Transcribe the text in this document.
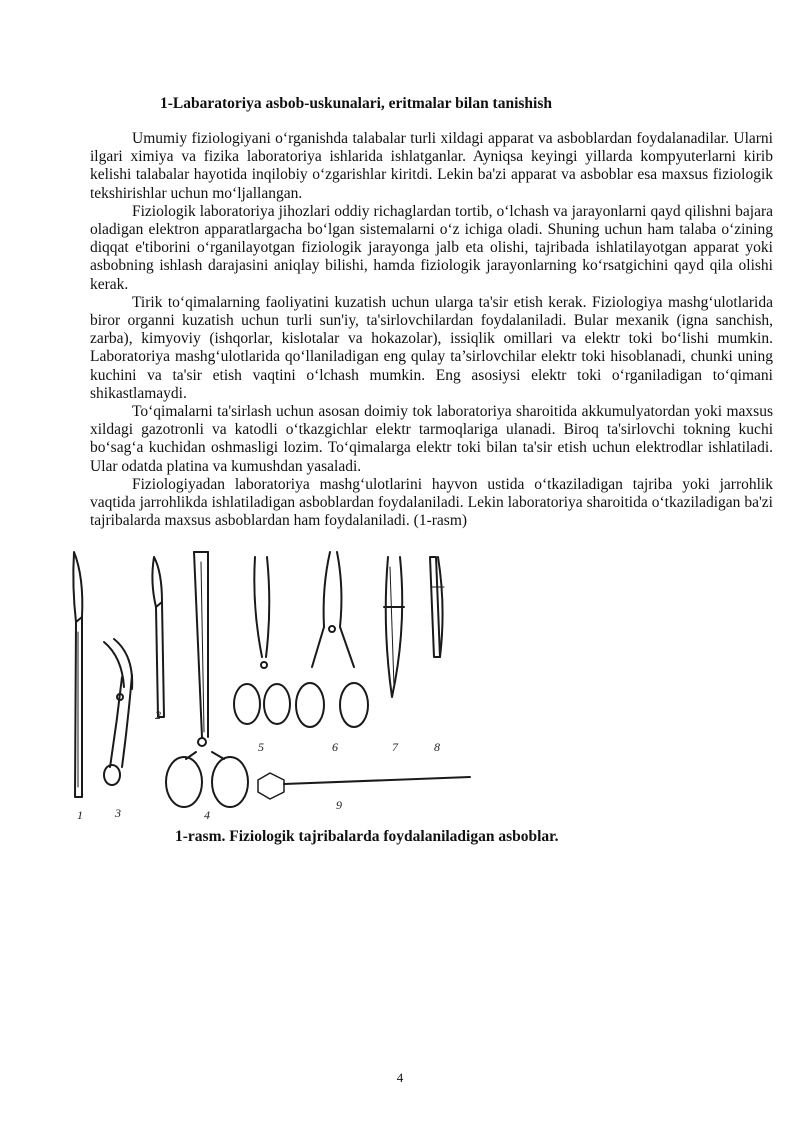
1-Labaratoriya asbob-uskunalari, eritmalar bilan tanishish

Umumiy fiziologiyani o‘rganishda talabalar turli xildagi apparat va asboblardan foydalanadilar. Ularni ilgari ximiya va fizika laboratoriya ishlarida ishlatganlar. Ayniqsa keyingi yillarda kompyuterlarni kirib kelishi talabalar hayotida inqilobiy o‘zgarishlar kiritdi. Lekin ba'zi apparat va asboblar esa maxsus fiziologik tekshirishlar uchun mo‘ljallangan.

Fiziologik laboratoriya jihozlari oddiy richaglardan tortib, o‘lchash va jarayonlarni qayd qilishni bajara oladigan elektron apparatlargacha bo‘lgan sistemalarni o‘z ichiga oladi. Shuning uchun ham talaba o‘zining diqqat e'tiborini o‘rganilayotgan fiziologik jarayonga jalb eta olishi, tajribada ishlatilayotgan apparat yoki asbobning ishlash darajasini aniqlay bilishi, hamda fiziologik jarayonlarning ko‘rsatgichini qayd qila olishi kerak.

Tirik to‘qimalarning faoliyatini kuzatish uchun ularga ta'sir etish kerak. Fiziologiya mashg‘ulotlarida biror organni kuzatish uchun turli sun'iy, ta'sirlovchilardan foydalaniladi. Bular mexanik (igna sanchish, zarba), kimyoviy (ishqorlar, kislotalar va hokazolar), issiqlik omillari va elektr toki bo‘lishi mumkin. Laboratoriya mashg‘ulotlarida qo‘llaniladigan eng qulay ta’sirlovchilar elektr toki hisoblanadi, chunki uning kuchini va ta'sir etish vaqtini o‘lchash mumkin. Eng asosiysi elektr toki o‘rganiladigan to‘qimani shikastlamaydi.

To‘qimalarni ta'sirlash uchun asosan doimiy tok laboratoriya sharoitida akkumulyatordan yoki maxsus xildagi gazotronli va katodli o‘tkazgichlar elektr tarmoqlariga ulanadi. Biroq ta'sirlovchi tokning kuchi bo‘sag‘a kuchidan oshmasligi lozim. To‘qimalarga elektr toki bilan ta'sir etish uchun elektrodlar ishlatiladi. Ular odatda platina va kumushdan yasaladi.

Fiziologiyadan laboratoriya mashg‘ulotlarini hayvon ustida o‘tkaziladigan tajriba yoki jarrohlik vaqtida jarrohlikda ishlatiladigan asboblardan foydalaniladi. Lekin laboratoriya sharoitida o‘tkaziladigan ba'zi tajribalarda maxsus asboblardan ham foydalaniladi. (1-rasm)

1	3
2
4
5	6	7	8
9
1-rasm. Fiziologik tajribalarda foydalaniladigan asboblar.
4
